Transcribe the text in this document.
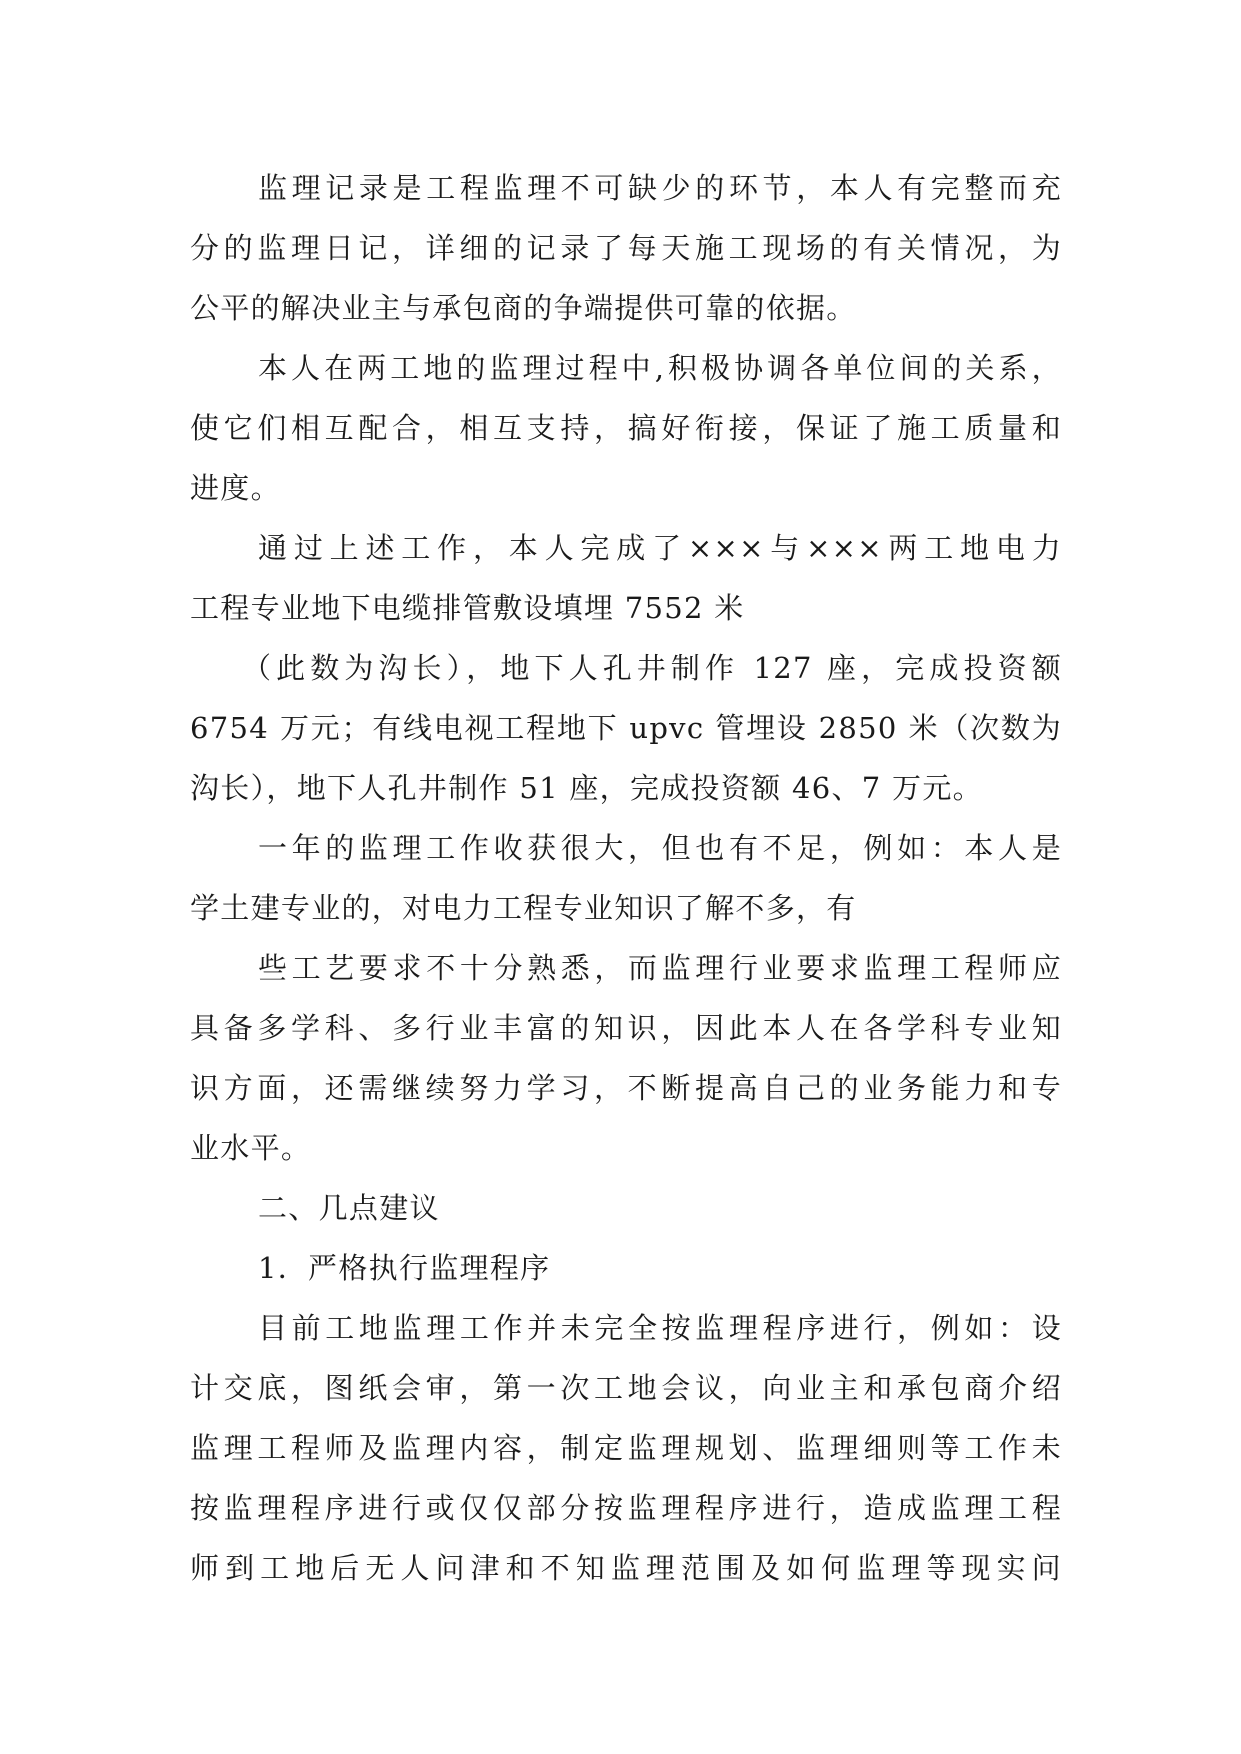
监理记录是工程监理不可缺少的环节，本人有完整而充
分的监理日记，详细的记录了每天施工现场的有关情况，为
公平的解决业主与承包商的争端提供可靠的依据。
本人在两工地的监理过程中,积极协调各单位间的关系，
使它们相互配合，相互支持，搞好衔接，保证了施工质量和
进度。
通过上述工作，本人完成了×××与×××两工地电力
工程专业地下电缆排管敷设填埋 7552 米
（此数为沟长），地下人孔井制作 127 座，完成投资额
6754 万元；有线电视工程地下 upvc 管埋设 2850 米（次数为
沟长），地下人孔井制作 51 座，完成投资额 46、7 万元。
一年的监理工作收获很大，但也有不足，例如：本人是
学土建专业的，对电力工程专业知识了解不多，有
些工艺要求不十分熟悉，而监理行业要求监理工程师应
具备多学科、多行业丰富的知识，因此本人在各学科专业知
识方面，还需继续努力学习，不断提高自己的业务能力和专
业水平。
二、几点建议
1．严格执行监理程序
目前工地监理工作并未完全按监理程序进行，例如：设
计交底，图纸会审，第一次工地会议，向业主和承包商介绍
监理工程师及监理内容，制定监理规划、监理细则等工作未
按监理程序进行或仅仅部分按监理程序进行，造成监理工程
师到工地后无人问津和不知监理范围及如何监理等现实问
